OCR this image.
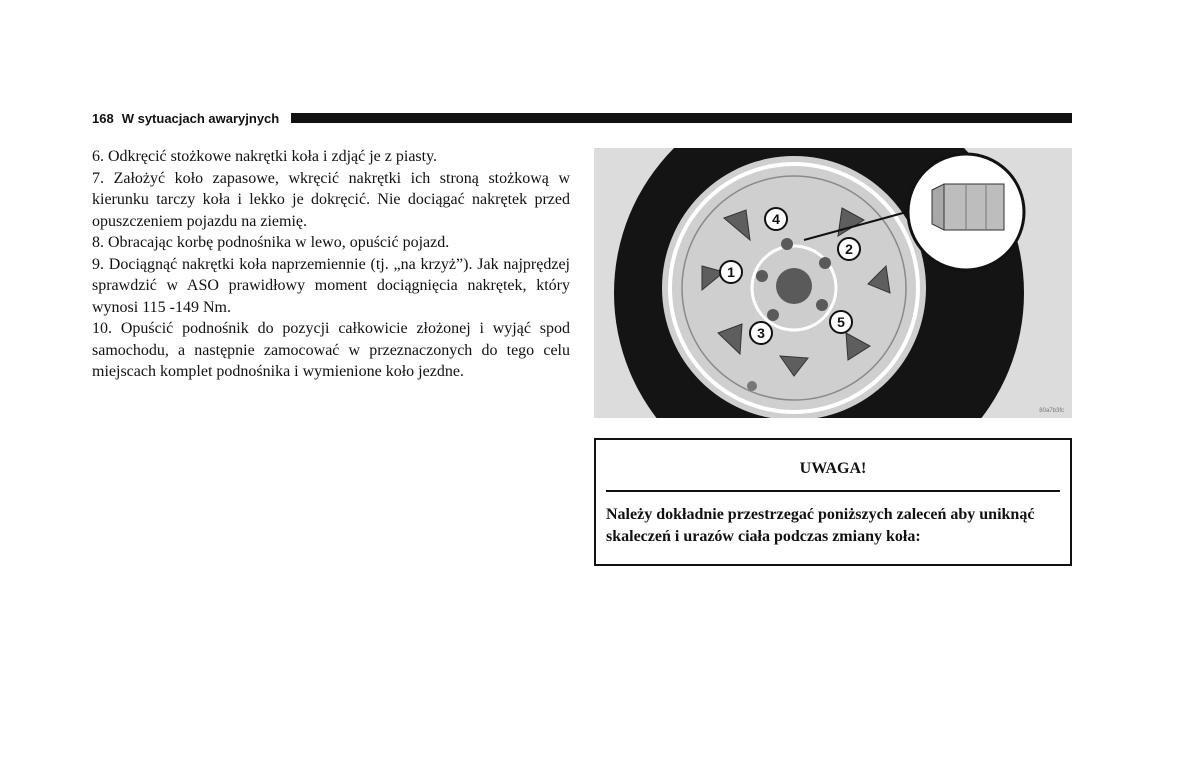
168 W sytuacjach awaryjnych

6. Odkręcić stożkowe nakrętki koła i zdjąć je z piasty.

7. Założyć koło zapasowe, wkręcić nakrętki ich stroną stożkową w kierunku tarczy koła i lekko je dokręcić. Nie dociągać nakrętek przed opuszczeniem pojazdu na ziemię.

8. Obracając korbę podnośnika w lewo, opuścić pojazd.

9. Dociągnąć nakrętki koła naprzemiennie (tj. „na krzyż”). Jak najprędzej sprawdzić w ASO prawidłowy moment dociągnięcia nakrętek, który wynosi 115 -149 Nm.

10. Opuścić podnośnik do pozycji całkowicie złożonej i wyjąć spod samochodu, a następnie zamocować w przeznaczonych do tego celu miejscach komplet podnośnika i wymienione koło jezdne.

1
2
3
4
5
80a7b3fc
UWAGA!
Należy dokładnie przestrzegać poniższych zaleceń aby uniknąć skaleczeń i urazów ciała podczas zmiany koła:
